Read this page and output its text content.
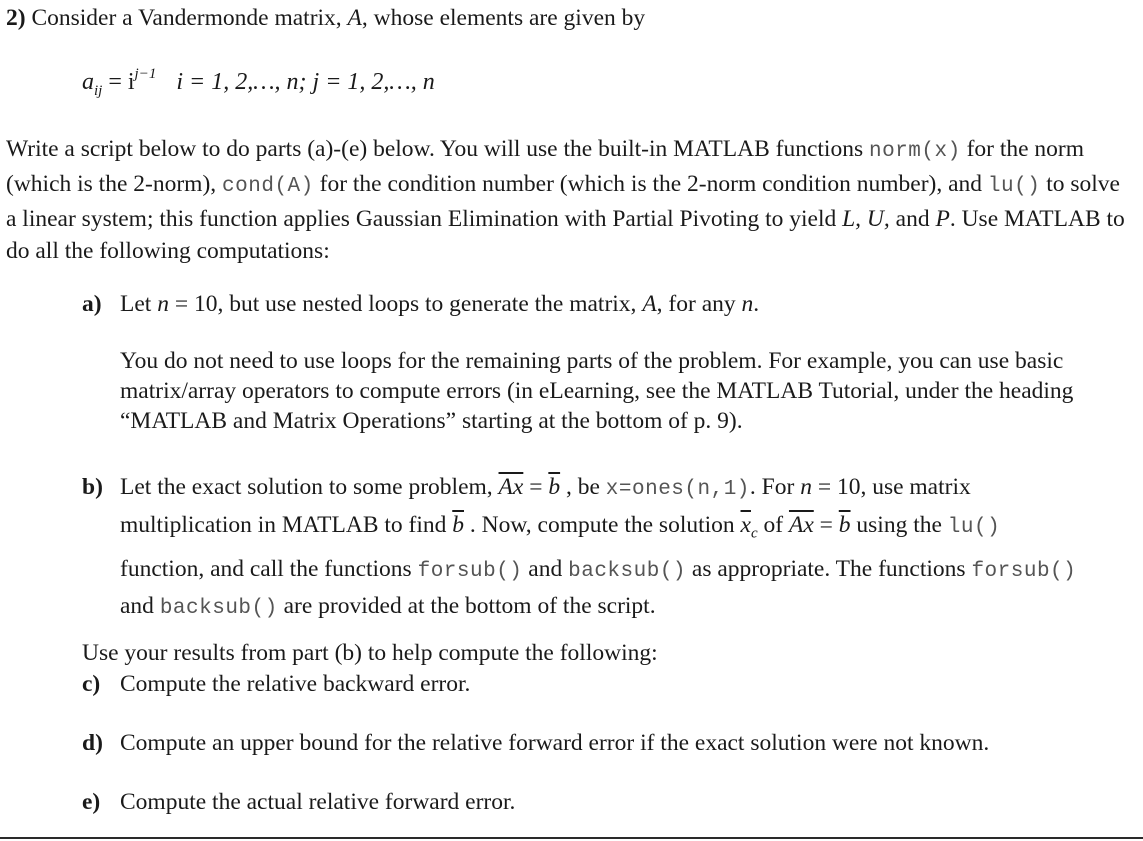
2) Consider a Vandermonde matrix, A, whose elements are given by

$a_{ij} = i^{j-1}$ i = 1, 2,…, n; j = 1, 2,…, n

Write a script below to do parts (a)-(e) below. You will use the built-in MATLAB functions norm(x) for the norm (which is the 2-norm), cond(A) for the condition number (which is the 2-norm condition number), and lu() to solve a linear system; this function applies Gaussian Elimination with Partial Pivoting to yield L, U, and P. Use MATLAB to do all the following computations:

a) Let n = 10, but use nested loops to generate the matrix, A, for any n.

You do not need to use loops for the remaining parts of the problem. For example, you can use basic matrix/array operators to compute errors (in eLearning, see the MATLAB Tutorial, under the heading “MATLAB and Matrix Operations” starting at the bottom of p. 9).

b) Let the exact solution to some problem, $\overline{Ax} = \overline{b}$ , be x=ones(n,1). For n = 10, use matrix multiplication in MATLAB to find $\overline{b}$ . Now, compute the solution $\overline{x}_c$ of $\overline{Ax} = \overline{b}$ using the lu() function, and call the functions forsub() and backsub() as appropriate. The functions forsub() and backsub() are provided at the bottom of the script.

Use your results from part (b) to help compute the following:

c) Compute the relative backward error.
d) Compute an upper bound for the relative forward error if the exact solution were not known.
e) Compute the actual relative forward error.
